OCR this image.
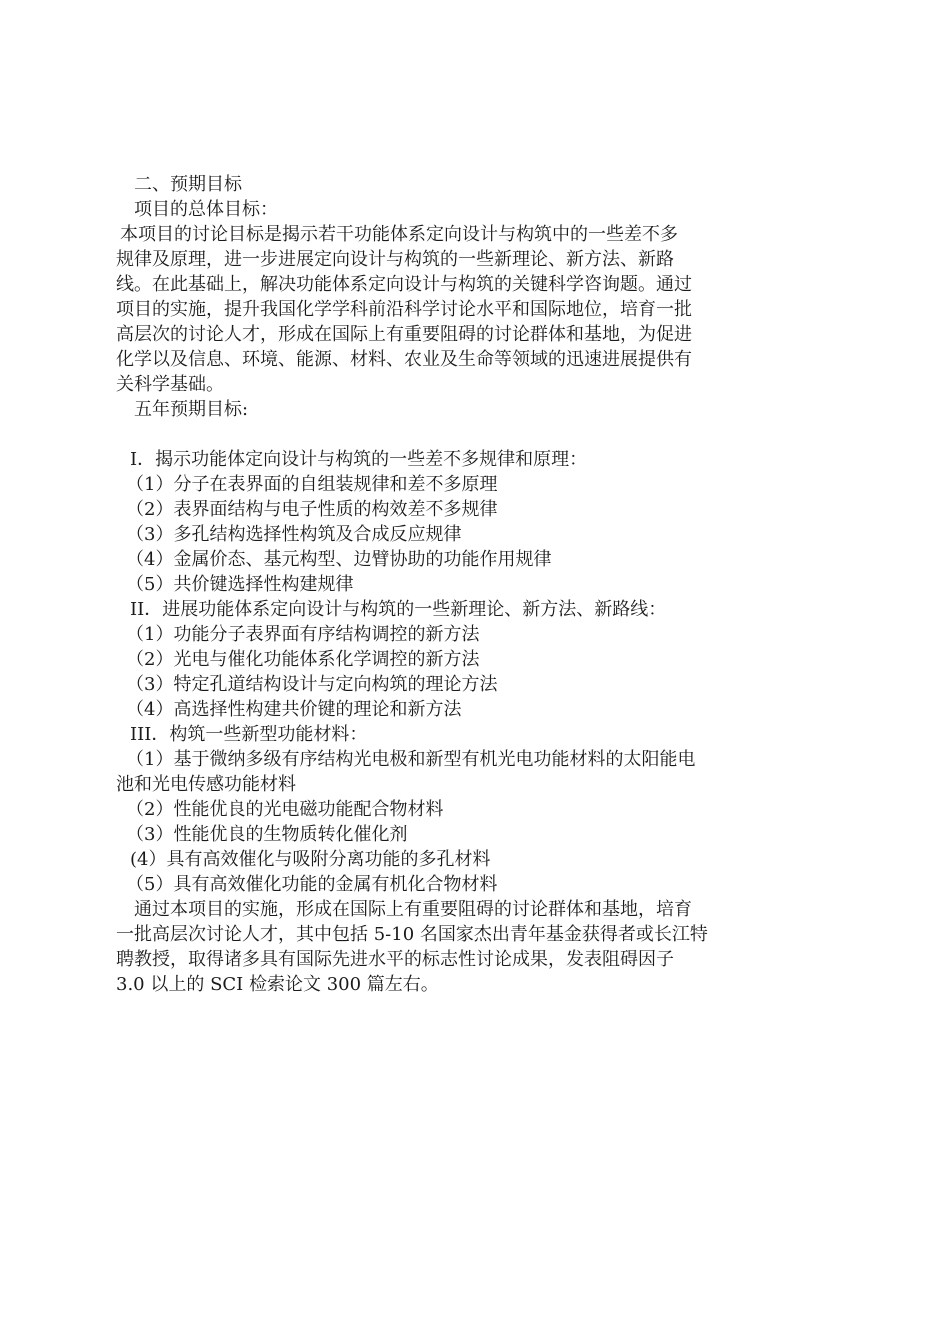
二、预期目标

项目的总体目标：

本项目的讨论目标是揭示若干功能体系定向设计与构筑中的一些差不多

规律及原理，进一步进展定向设计与构筑的一些新理论、新方法、新路

线。在此基础上，解决功能体系定向设计与构筑的关键科学咨询题。通过

项目的实施，提升我国化学学科前沿科学讨论水平和国际地位，培育一批

高层次的讨论人才，形成在国际上有重要阻碍的讨论群体和基地，为促进

化学以及信息、环境、能源、材料、农业及生命等领域的迅速进展提供有

关科学基础。

五年预期目标:

I．揭示功能体定向设计与构筑的一些差不多规律和原理：

（1）分子在表界面的自组装规律和差不多原理

（2）表界面结构与电子性质的构效差不多规律

（3）多孔结构选择性构筑及合成反应规律

（4）金属价态、基元构型、边臂协助的功能作用规律

（5）共价键选择性构建规律

II．进展功能体系定向设计与构筑的一些新理论、新方法、新路线：

（1）功能分子表界面有序结构调控的新方法

（2）光电与催化功能体系化学调控的新方法

（3）特定孔道结构设计与定向构筑的理论方法

（4）高选择性构建共价键的理论和新方法

III．构筑一些新型功能材料：

（1）基于微纳多级有序结构光电极和新型有机光电功能材料的太阳能电

池和光电传感功能材料

（2）性能优良的光电磁功能配合物材料

（3）性能优良的生物质转化催化剂

(4）具有高效催化与吸附分离功能的多孔材料

（5）具有高效催化功能的金属有机化合物材料

通过本项目的实施，形成在国际上有重要阻碍的讨论群体和基地，培育

一批高层次讨论人才，其中包括 5-10 名国家杰出青年基金获得者或长江特

聘教授，取得诸多具有国际先进水平的标志性讨论成果，发表阻碍因子

3.0 以上的 SCI 检索论文 300 篇左右。
